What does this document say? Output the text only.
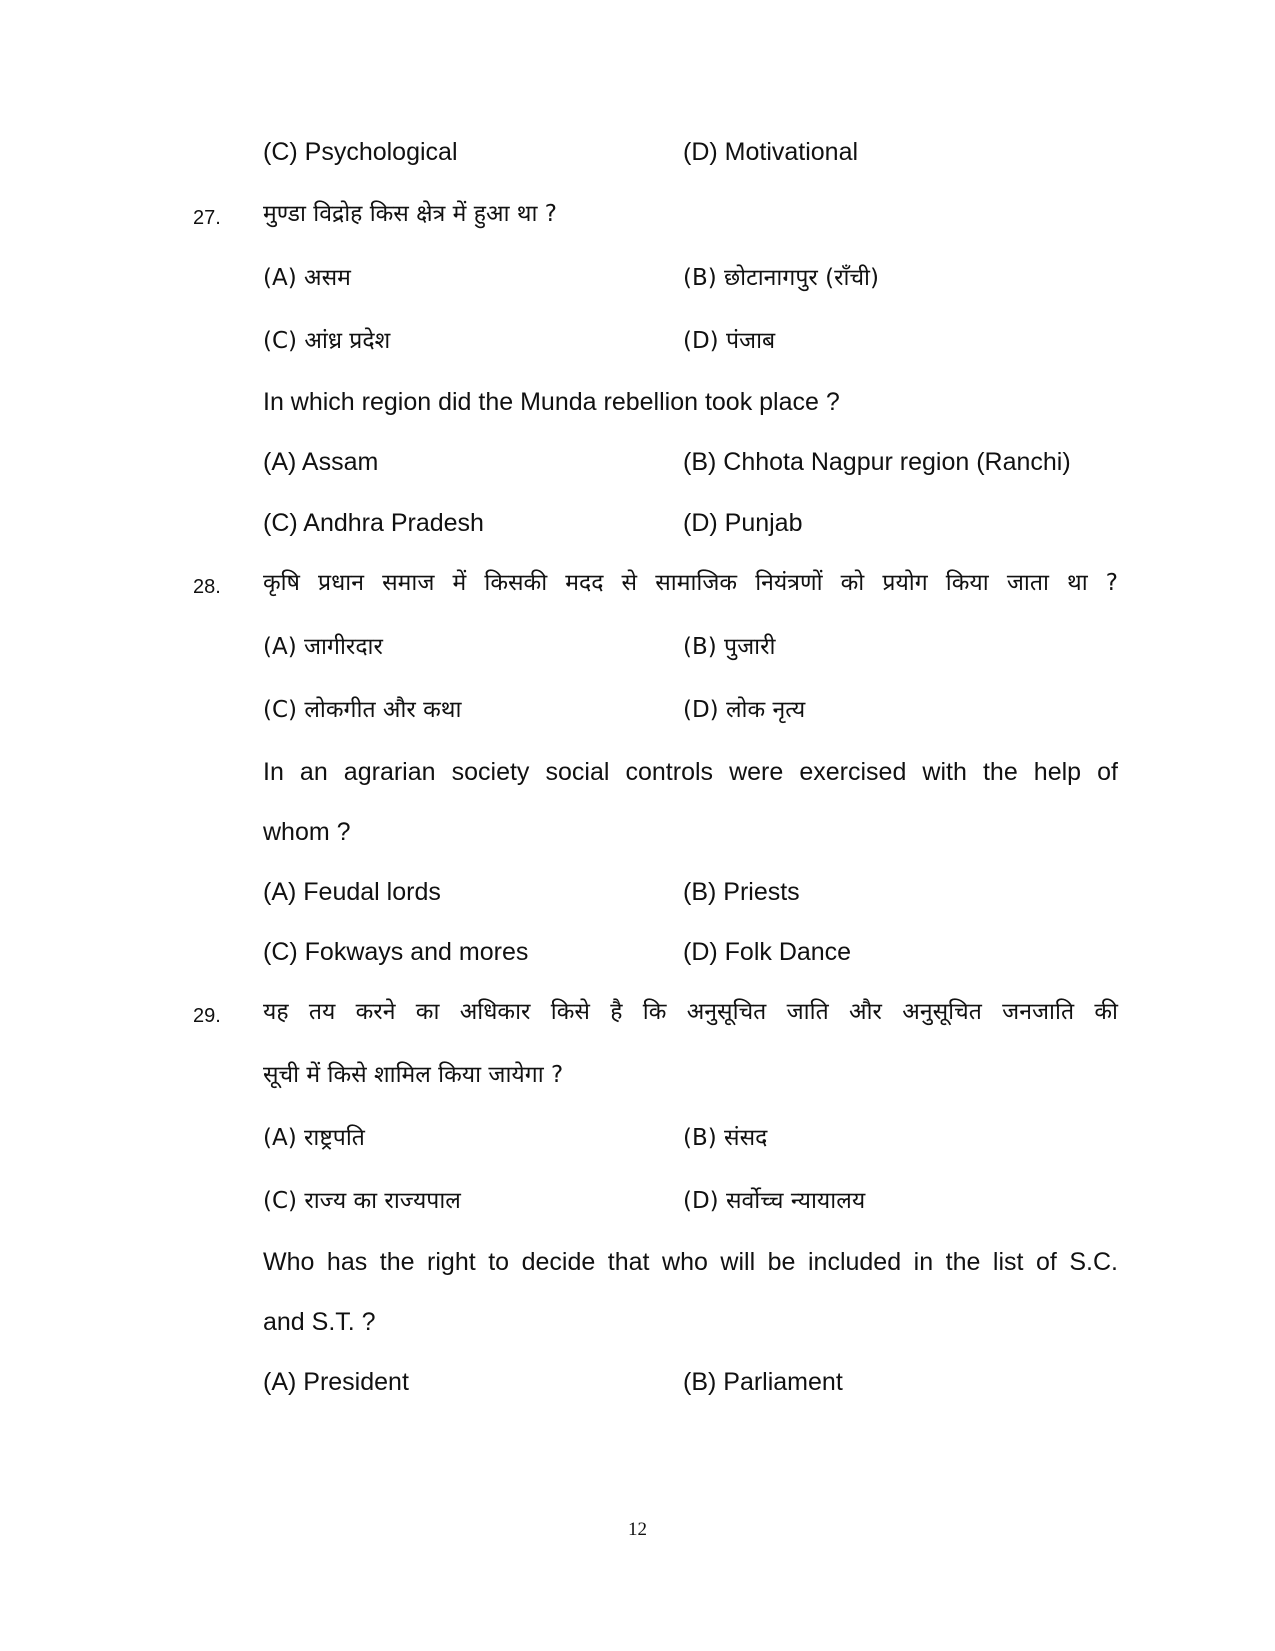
(C) Psychological	(D) Motivational
27. मुण्डा विद्रोह किस क्षेत्र में हुआ था ?
(A) असम	(B) छोटानागपुर (राँची)
(C) आंध्र प्रदेश	(D) पंजाब
In which region did the Munda rebellion took place ?
(A) Assam	(B) Chhota Nagpur region (Ranchi)
(C) Andhra Pradesh	(D) Punjab
28. कृषि प्रधान समाज में किसकी मदद से सामाजिक नियंत्रणों को प्रयोग किया जाता था ?
(A) जागीरदार	(B) पुजारी
(C) लोकगीत और कथा	(D) लोक नृत्य
In an agrarian society social controls were exercised with the help of
whom ?
(A) Feudal lords	(B) Priests
(C) Fokways and mores	(D) Folk Dance
29. यह तय करने का अधिकार किसे है कि अनुसूचित जाति और अनुसूचित जनजाति की
सूची में किसे शामिल किया जायेगा ?
(A) राष्ट्रपति	(B) संसद
(C) राज्य का राज्यपाल	(D) सर्वोच्च न्यायालय
Who has the right to decide that who will be included in the list of S.C.
and S.T. ?
(A) President	(B) Parliament
12
